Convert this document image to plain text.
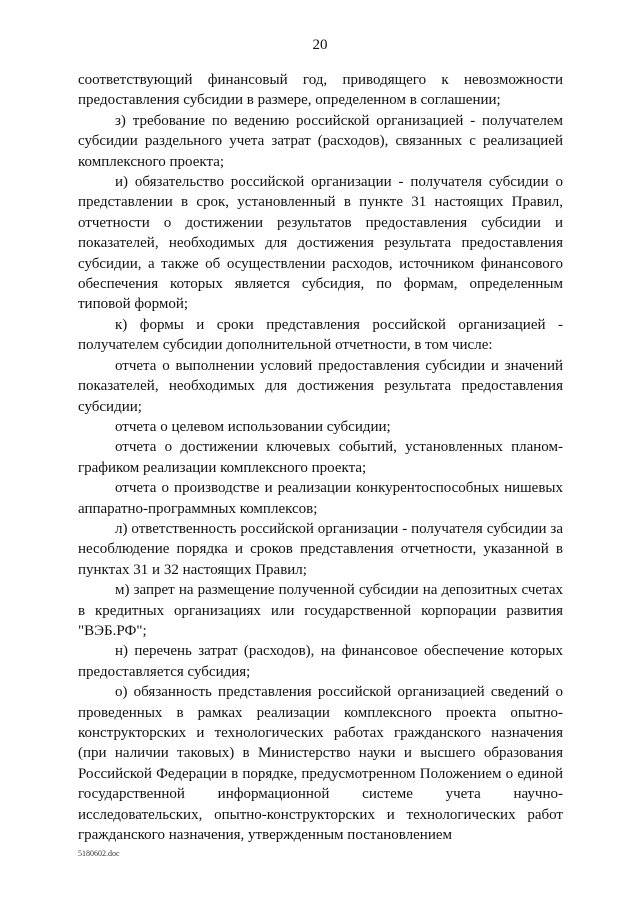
20

соответствующий финансовый год, приводящего к невозможности предоставления субсидии в размере, определенном в соглашении;

з) требование по ведению российской организацией - получателем субсидии раздельного учета затрат (расходов), связанных с реализацией комплексного проекта;

и) обязательство российской организации - получателя субсидии о представлении в срок, установленный в пункте 31 настоящих Правил, отчетности о достижении результатов предоставления субсидии и показателей, необходимых для достижения результата предоставления субсидии, а также об осуществлении расходов, источником финансового обеспечения которых является субсидия, по формам, определенным типовой формой;

к) формы и сроки представления российской организацией - получателем субсидии дополнительной отчетности, в том числе:

отчета о выполнении условий предоставления субсидии и значений показателей, необходимых для достижения результата предоставления субсидии;

отчета о целевом использовании субсидии;

отчета о достижении ключевых событий, установленных планом-графиком реализации комплексного проекта;

отчета о производстве и реализации конкурентоспособных нишевых аппаратно-программных комплексов;

л) ответственность российской организации - получателя субсидии за несоблюдение порядка и сроков представления отчетности, указанной в пунктах 31 и 32 настоящих Правил;

м) запрет на размещение полученной субсидии на депозитных счетах в кредитных организациях или государственной корпорации развития "ВЭБ.РФ";

н) перечень затрат (расходов), на финансовое обеспечение которых предоставляется субсидия;

о) обязанность представления российской организацией сведений о проведенных в рамках реализации комплексного проекта опытно-конструкторских и технологических работах гражданского назначения (при наличии таковых) в Министерство науки и высшего образования Российской Федерации в порядке, предусмотренном Положением о единой государственной информационной системе учета научно-исследовательских, опытно-конструкторских и технологических работ гражданского назначения, утвержденным постановлением

5180602.doc
